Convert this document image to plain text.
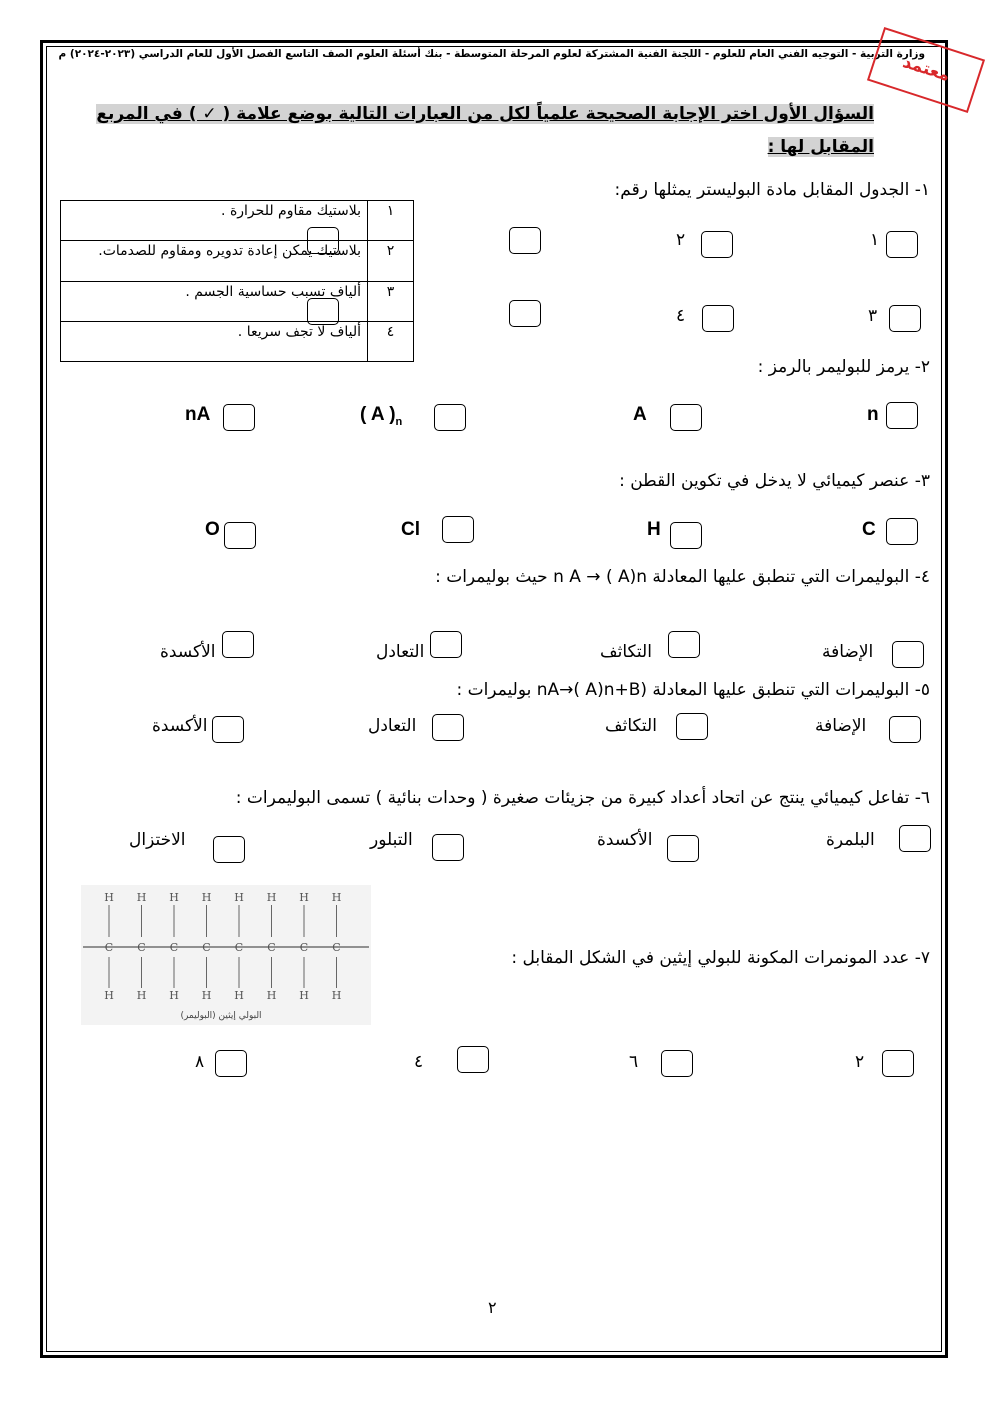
وزارة التربية - التوجيه الفني العام للعلوم - اللجنة الفنية المشتركة لعلوم المرحلة المتوسطة - بنك أسئلة العلوم الصف التاسع الفصل الأول للعام الدراسي (٢٠٢٣-٢٠٢٤) م
معتمد
السؤال الأول اختر الإجابة الصحيحة علمياً لكل من العبارات التالية بوضع علامة ( ✓ ) في المربع المقابل لها :
١- الجدول المقابل مادة البوليستر يمثلها رقم:
١	بلاستيك مقاوم للحرارة .
٢	بلاستيك يمكن إعادة تدويره ومقاوم للصدمات.
٣	ألياف تسبب حساسية الجسم .
٤	ألياف لا تجف سريعا .
١
٢
٣
٤
٢- يرمز للبوليمر بالرمز :
n
A
( A )$_n$
nA
٣- عنصر كيميائي لا يدخل في تكوين القطن :
C
H
Cl
O
٤- البوليمرات التي تنطبق عليها المعادلة n A → ( A)n حيث بوليمرات :
الإضافة
التكاثف
التعادل
الأكسدة
٥- البوليمرات التي تنطبق عليها المعادلة (nA→( A)n+B بوليمرات :
الإضافة
التكاثف
التعادل
الأكسدة
٦- تفاعل كيميائي ينتج عن اتحاد أعداد كبيرة من جزيئات صغيرة ( وحدات بنائية ) تسمى البوليمرات :
البلمرة
الأكسدة
التبلور
الاختزال
H
C
H
H
C
H
H
C
H
H
C
H
H
C
H
H
C
H
H
C
H
H
C
H
البولي إيثين (البوليمر)
٧- عدد المونمرات المكونة للبولي إيثين في الشكل المقابل :
٢
٦
٤
٨
٢
